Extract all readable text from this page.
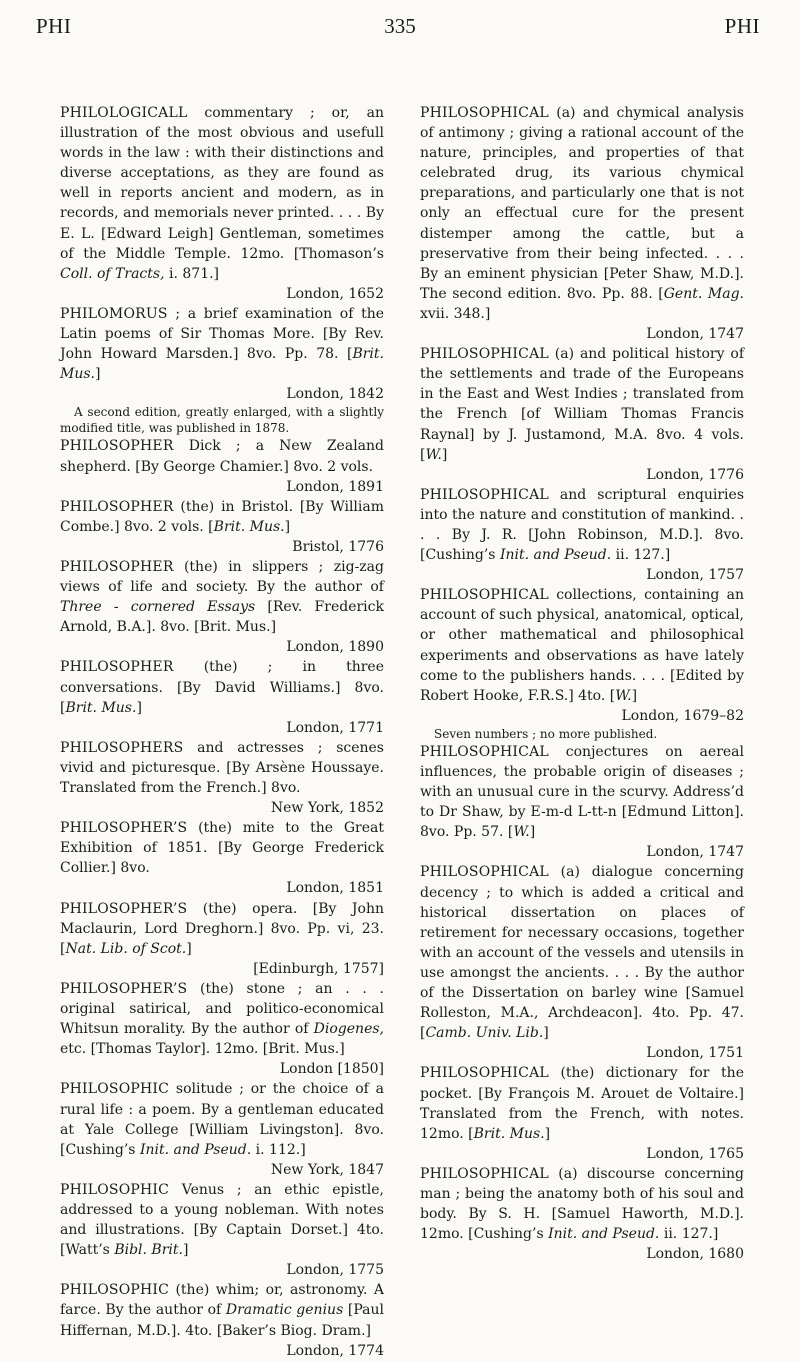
PHI	335	PHI

PHILOLOGICALL commentary ; or, an illustration of the most obvious and usefull words in the law : with their distinctions and diverse acceptations, as they are found as well in reports ancient and modern, as in records, and memorials never printed. . . . By E. L. [Edward Leigh] Gentleman, sometimes of the Middle Temple. 12mo. [Thomason’s Coll. of Tracts, i. 871.]
London, 1652

PHILOMORUS ; a brief examination of the Latin poems of Sir Thomas More. [By Rev. John Howard Marsden.] 8vo. Pp. 78. [Brit. Mus.]
London, 1842

A second edition, greatly enlarged, with a slightly modified title, was published in 1878.

PHILOSOPHER Dick ; a New Zealand shepherd. [By George Chamier.] 8vo. 2 vols.
London, 1891

PHILOSOPHER (the) in Bristol. [By William Combe.] 8vo. 2 vols. [Brit. Mus.]
Bristol, 1776

PHILOSOPHER (the) in slippers ; zig-zag views of life and society. By the author of Three - cornered Essays [Rev. Frederick Arnold, B.A.]. 8vo. [Brit. Mus.]
London, 1890

PHILOSOPHER (the) ; in three conversations. [By David Williams.] 8vo. [Brit. Mus.]
London, 1771

PHILOSOPHERS and actresses ; scenes vivid and picturesque. [By Arsène Houssaye. Translated from the French.] 8vo.
New York, 1852

PHILOSOPHER’S (the) mite to the Great Exhibition of 1851. [By George Frederick Collier.] 8vo.
London, 1851

PHILOSOPHER’S (the) opera. [By John Maclaurin, Lord Dreghorn.] 8vo. Pp. vi, 23. [Nat. Lib. of Scot.]
[Edinburgh, 1757]

PHILOSOPHER’S (the) stone ; an . . . original satirical, and politico-economical Whitsun morality. By the author of Diogenes, etc. [Thomas Taylor]. 12mo. [Brit. Mus.]
London [1850]

PHILOSOPHIC solitude ; or the choice of a rural life : a poem. By a gentleman educated at Yale College [William Livingston]. 8vo. [Cushing’s Init. and Pseud. i. 112.]
New York, 1847

PHILOSOPHIC Venus ; an ethic epistle, addressed to a young nobleman. With notes and illustrations. [By Captain Dorset.] 4to. [Watt’s Bibl. Brit.]
London, 1775

PHILOSOPHIC (the) whim; or, astronomy. A farce. By the author of Dramatic genius [Paul Hiffernan, M.D.]. 4to. [Baker’s Biog. Dram.]
London, 1774

PHILOSOPHICAL (a) and chymical analysis of antimony ; giving a rational account of the nature, principles, and properties of that celebrated drug, its various chymical preparations, and particularly one that is not only an effectual cure for the present distemper among the cattle, but a preservative from their being infected. . . . By an eminent physician [Peter Shaw, M.D.]. The second edition. 8vo. Pp. 88. [Gent. Mag. xvii. 348.]
London, 1747

PHILOSOPHICAL (a) and political history of the settlements and trade of the Europeans in the East and West Indies ; translated from the French [of William Thomas Francis Raynal] by J. Justamond, M.A. 8vo. 4 vols. [W.]
London, 1776

PHILOSOPHICAL and scriptural enquiries into the nature and constitution of mankind. . . . By J. R. [John Robinson, M.D.]. 8vo. [Cushing’s Init. and Pseud. ii. 127.]
London, 1757

PHILOSOPHICAL collections, containing an account of such physical, anatomical, optical, or other mathematical and philosophical experiments and observations as have lately come to the publishers hands. . . . [Edited by Robert Hooke, F.R.S.] 4to. [W.]
London, 1679–82

Seven numbers ; no more published.

PHILOSOPHICAL conjectures on aereal influences, the probable origin of diseases ; with an unusual cure in the scurvy. Address’d to Dr Shaw, by E-m-d L-tt-n [Edmund Litton]. 8vo. Pp. 57. [W.]
London, 1747

PHILOSOPHICAL (a) dialogue concerning decency ; to which is added a critical and historical dissertation on places of retirement for necessary occasions, together with an account of the vessels and utensils in use amongst the ancients. . . . By the author of the Dissertation on barley wine [Samuel Rolleston, M.A., Archdeacon]. 4to. Pp. 47. [Camb. Univ. Lib.]
London, 1751

PHILOSOPHICAL (the) dictionary for the pocket. [By François M. Arouet de Voltaire.] Translated from the French, with notes. 12mo. [Brit. Mus.]
London, 1765

PHILOSOPHICAL (a) discourse concerning man ; being the anatomy both of his soul and body. By S. H. [Samuel Haworth, M.D.]. 12mo. [Cushing’s Init. and Pseud. ii. 127.]
London, 1680
